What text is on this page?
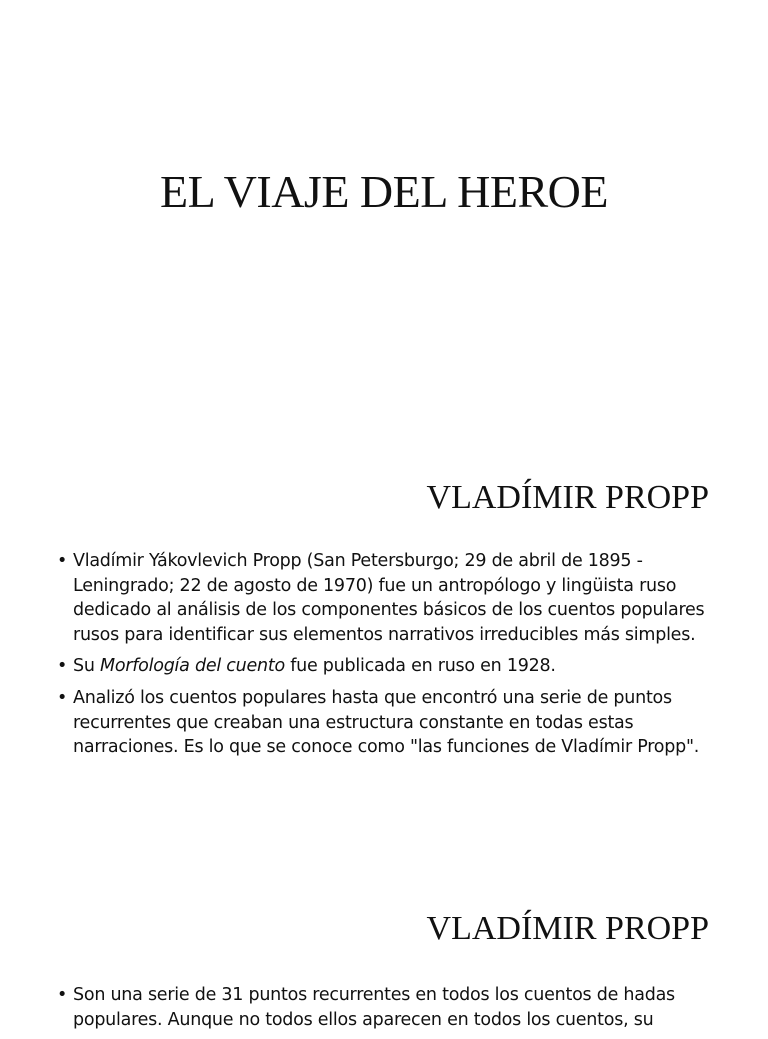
EL VIAJE DEL HEROE
VLADÍMIR PROPP
• Vladímir Yákovlevich Propp (San Petersburgo; 29 de abril de 1895 - Leningrado; 22 de agosto de 1970) fue un antropólogo y lingüista ruso dedicado al análisis de los componentes básicos de los cuentos populares rusos para identificar sus elementos narrativos irreducibles más simples.
• Su Morfología del cuento fue publicada en ruso en 1928.
• Analizó los cuentos populares hasta que encontró una serie de puntos recurrentes que creaban una estructura constante en todas estas narraciones. Es lo que se conoce como "las funciones de Vladímir Propp".
VLADÍMIR PROPP
• Son una serie de 31 puntos recurrentes en todos los cuentos de hadas populares. Aunque no todos ellos aparecen en todos los cuentos, su
